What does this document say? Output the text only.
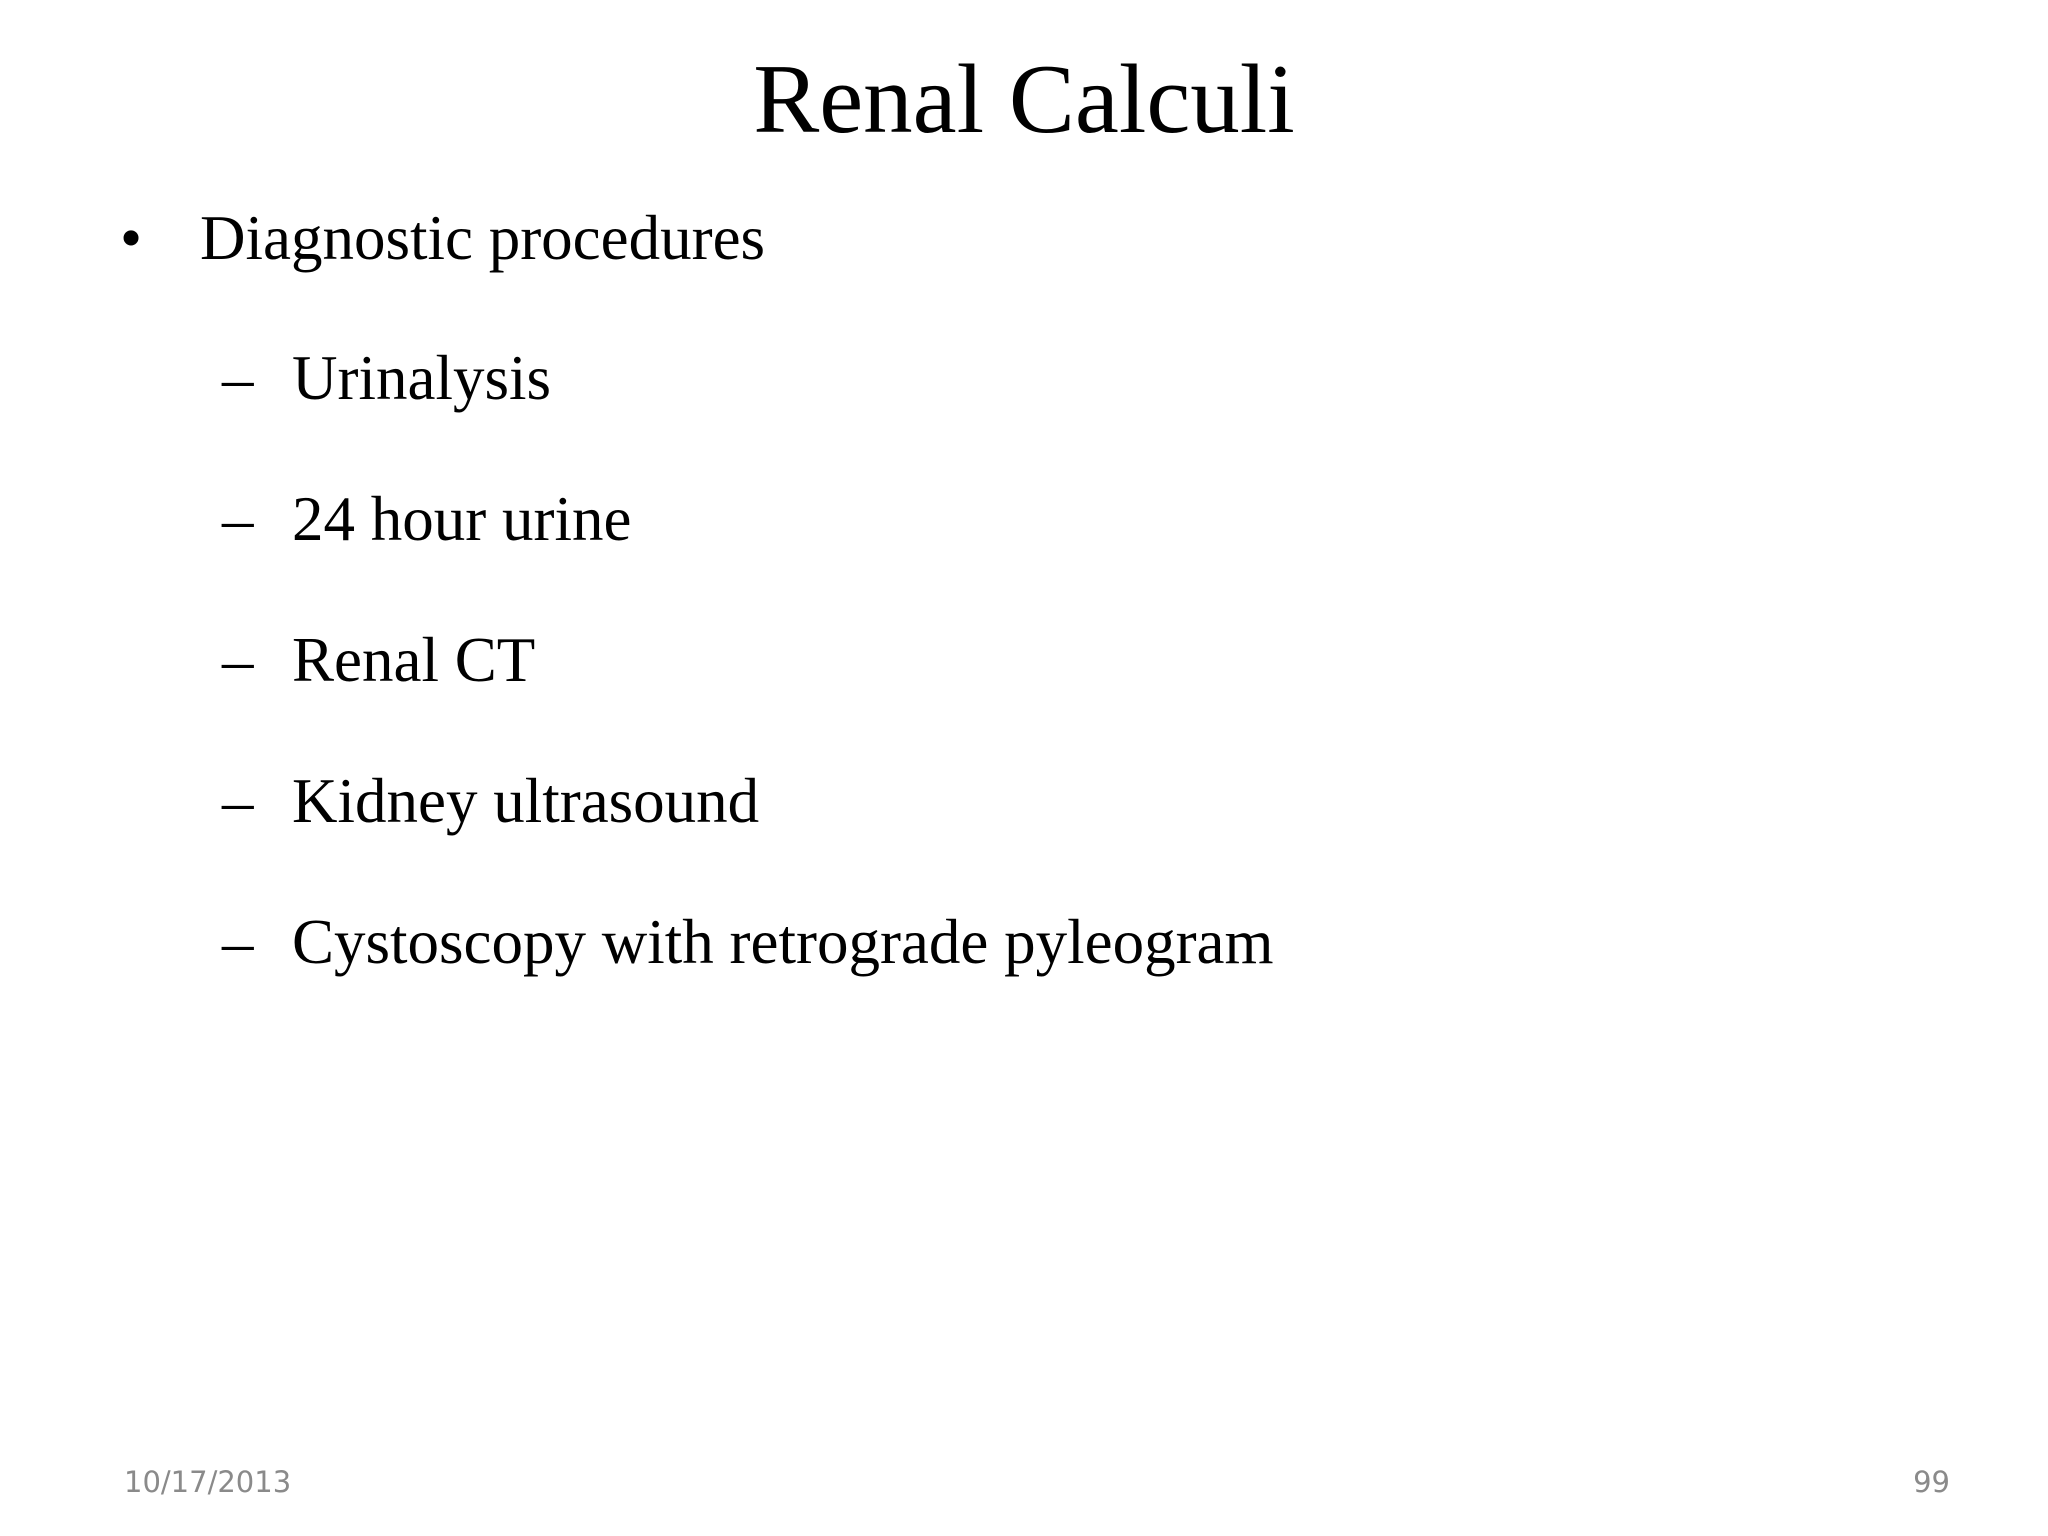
Renal Calculi
• Diagnostic procedures
– Urinalysis
– 24 hour urine
– Renal CT
– Kidney ultrasound
– Cystoscopy with retrograde pyleogram
10/17/2013	99
